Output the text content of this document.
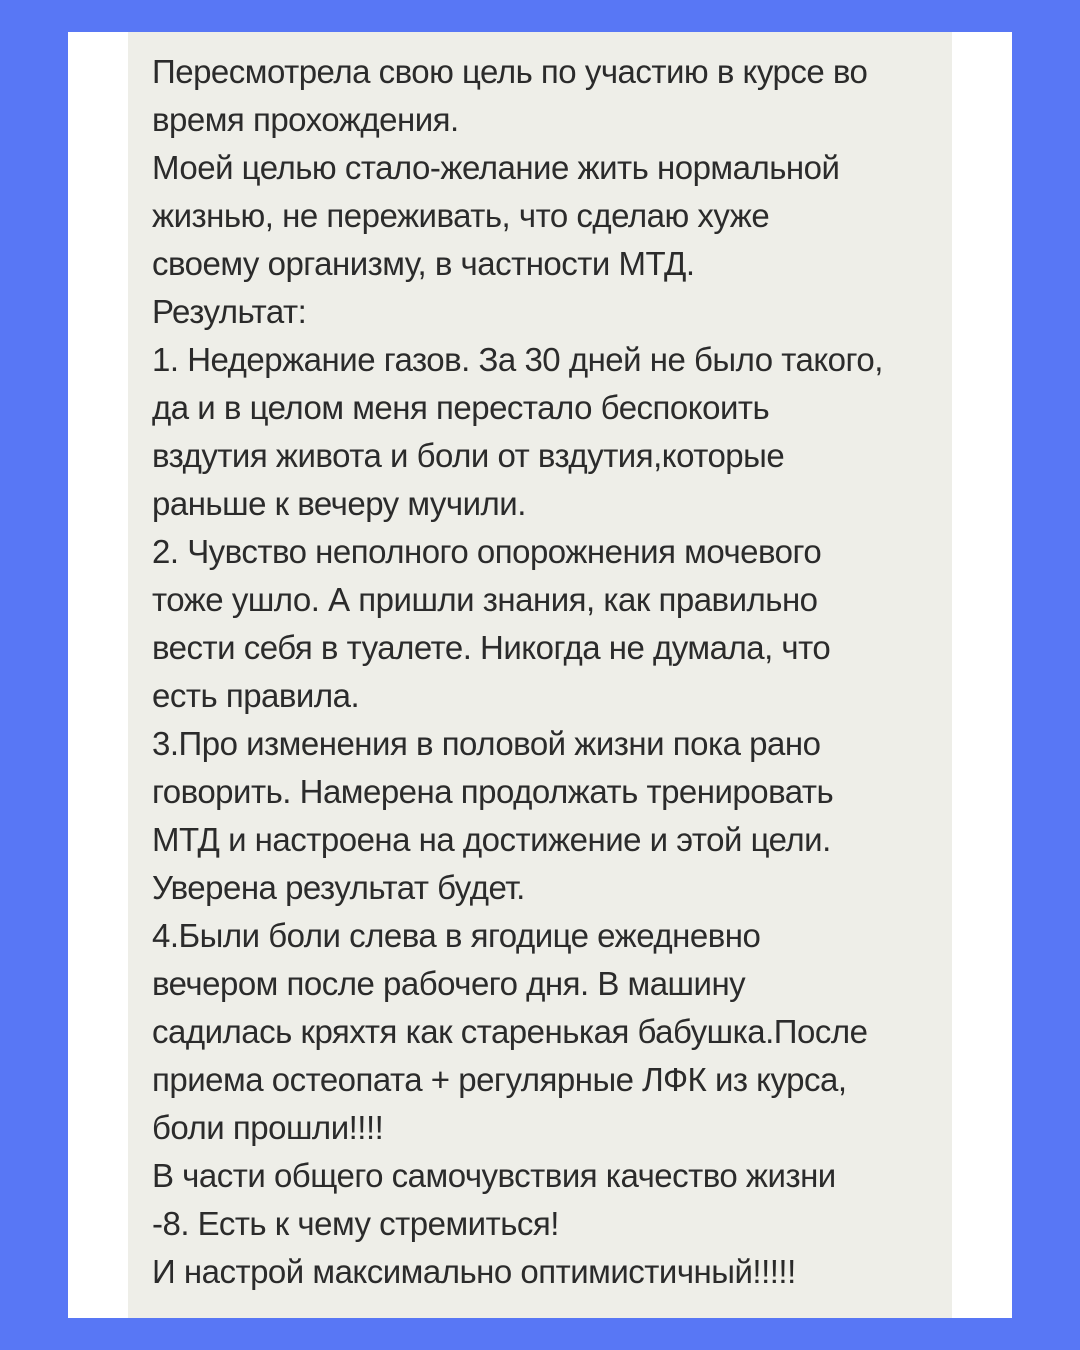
Пересмотрела свою цель по участию в курсе во
время прохождения.
Моей целью стало-желание жить нормальной
жизнью, не переживать, что сделаю хуже
своему организму, в частности МТД.
Результат:
1. Недержание газов. За 30 дней не было такого,
да и в целом меня перестало беспокоить
вздутия живота и боли от вздутия,которые
раньше к вечеру мучили.
2. Чувство неполного опорожнения мочевого
тоже ушло. А пришли знания, как правильно
вести себя в туалете. Никогда не думала, что
есть правила.
3.Про изменения в половой жизни пока рано
говорить. Намерена продолжать тренировать
МТД и настроена на достижение и этой цели.
Уверена результат будет.
4.Были боли слева в ягодице ежедневно
вечером после рабочего дня. В машину
садилась кряхтя как старенькая бабушка.После
приема остеопата + регулярные ЛФК из курса,
боли прошли!!!!
В части общего самочувствия качество жизни
-8. Есть к чему стремиться!
И настрой максимально оптимистичный!!!!!
